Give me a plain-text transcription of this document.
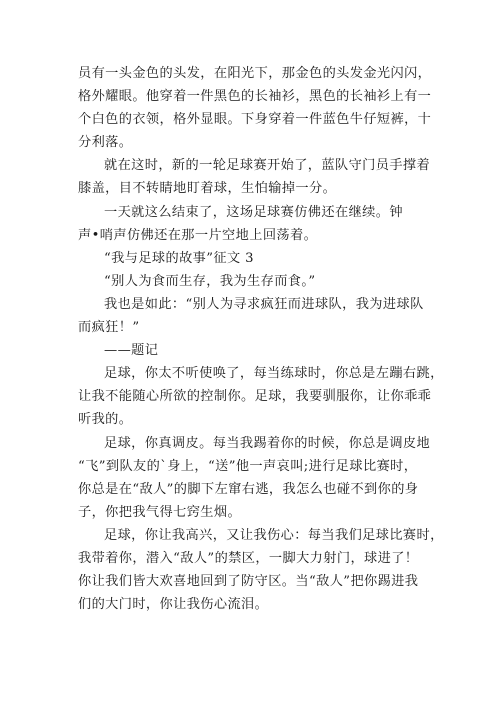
员有一头金色的头发，在阳光下，那金色的头发金光闪闪，
格外耀眼。他穿着一件黑色的长袖衫，黑色的长袖衫上有一
个白色的衣领，格外显眼。下身穿着一件蓝色牛仔短裤，十
分利落。
就在这时，新的一轮足球赛开始了，蓝队守门员手撑着
膝盖，目不转睛地盯着球，生怕输掉一分。
一天就这么结束了，这场足球赛仿佛还在继续。钟
声•哨声仿佛还在那一片空地上回荡着。
“我与足球的故事”征文 3
“别人为食而生存，我为生存而食。”
我也是如此：“别人为寻求疯狂而进球队，我为进球队
而疯狂！”
——题记
足球，你太不听使唤了，每当练球时，你总是左蹦右跳，
让我不能随心所欲的控制你。足球，我要驯服你，让你乖乖
听我的。
足球，你真调皮。每当我踢着你的时候，你总是调皮地
“飞”到队友的`身上，“送”他一声哀叫;进行足球比赛时，
你总是在“敌人”的脚下左窜右逃，我怎么也碰不到你的身
子，你把我气得七窍生烟。
足球，你让我高兴，又让我伤心：每当我们足球比赛时，
我带着你，潜入“敌人”的禁区，一脚大力射门，球进了！
你让我们皆大欢喜地回到了防守区。当“敌人”把你踢进我
们的大门时，你让我伤心流泪。
